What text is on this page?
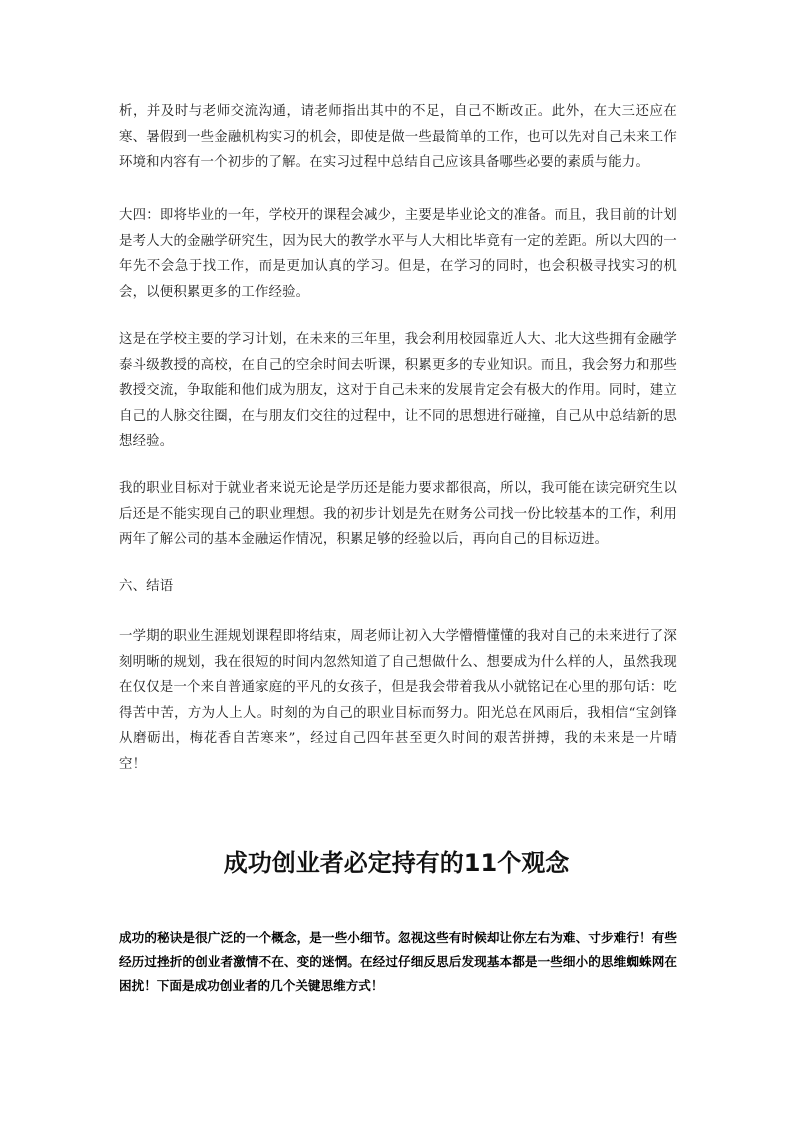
析，并及时与老师交流沟通，请老师指出其中的不足，自己不断改正。此外，在大三还应在寒、暑假到一些金融机构实习的机会，即使是做一些最简单的工作，也可以先对自己未来工作环境和内容有一个初步的了解。在实习过程中总结自己应该具备哪些必要的素质与能力。

大四：即将毕业的一年，学校开的课程会减少，主要是毕业论文的准备。而且，我目前的计划是考人大的金融学研究生，因为民大的教学水平与人大相比毕竟有一定的差距。所以大四的一年先不会急于找工作，而是更加认真的学习。但是，在学习的同时，也会积极寻找实习的机会，以便积累更多的工作经验。

这是在学校主要的学习计划，在未来的三年里，我会利用校园靠近人大、北大这些拥有金融学泰斗级教授的高校，在自己的空余时间去听课，积累更多的专业知识。而且，我会努力和那些教授交流，争取能和他们成为朋友，这对于自己未来的发展肯定会有极大的作用。同时，建立自己的人脉交往圈，在与朋友们交往的过程中，让不同的思想进行碰撞，自己从中总结新的思想经验。

我的职业目标对于就业者来说无论是学历还是能力要求都很高，所以，我可能在读完研究生以后还是不能实现自己的职业理想。我的初步计划是先在财务公司找一份比较基本的工作，利用两年了解公司的基本金融运作情况，积累足够的经验以后，再向自己的目标迈进。

六、结语

一学期的职业生涯规划课程即将结束，周老师让初入大学懵懵懂懂的我对自己的未来进行了深刻明晰的规划，我在很短的时间内忽然知道了自己想做什么、想要成为什么样的人，虽然我现在仅仅是一个来自普通家庭的平凡的女孩子，但是我会带着我从小就铭记在心里的那句话：吃得苦中苦，方为人上人。时刻的为自己的职业目标而努力。阳光总在风雨后，我相信“宝剑锋从磨砺出，梅花香自苦寒来”，经过自己四年甚至更久时间的艰苦拼搏，我的未来是一片晴空！

成功创业者必定持有的11个观念

成功的秘诀是很广泛的一个概念，是一些小细节。忽视这些有时候却让你左右为难、寸步难行！有些经历过挫折的创业者激情不在、变的迷惘。在经过仔细反思后发现基本都是一些细小的思维蜘蛛网在困扰！下面是成功创业者的几个关键思维方式！
